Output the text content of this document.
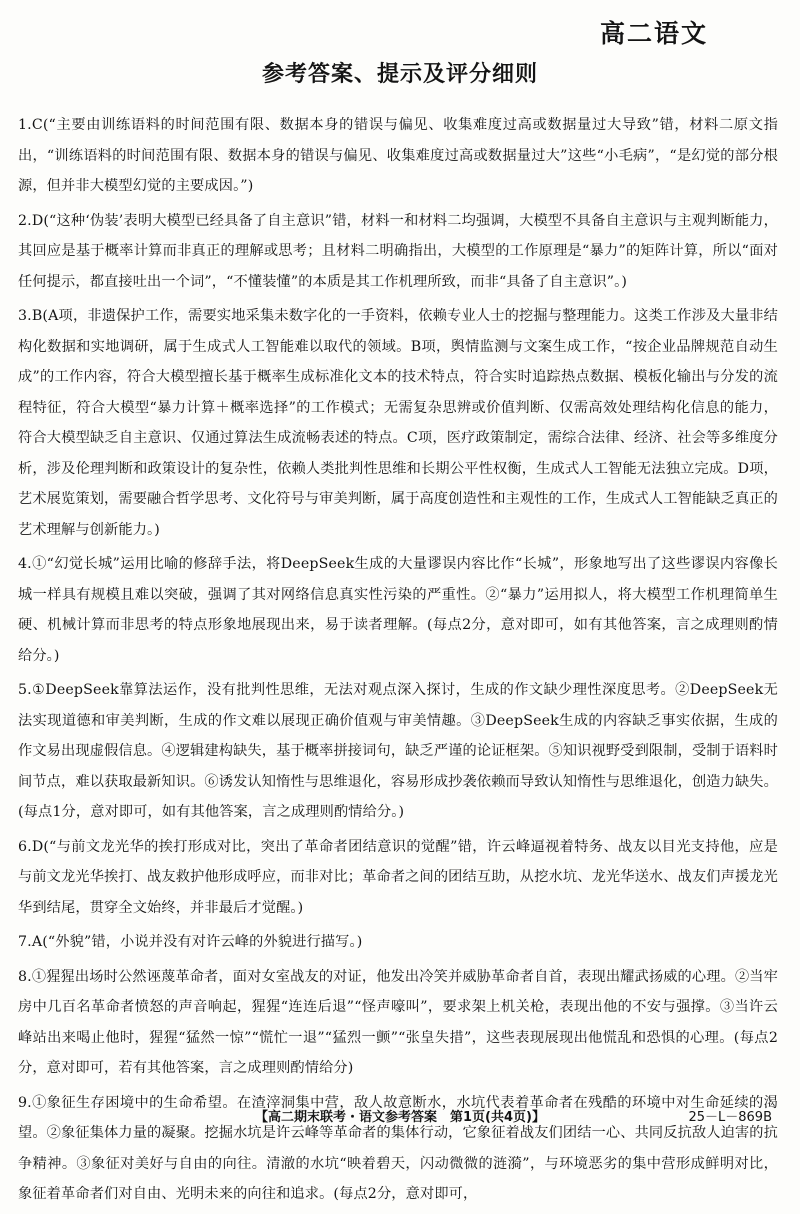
高二语文
参考答案、提示及评分细则

1.C(“主要由训练语料的时间范围有限、数据本身的错误与偏见、收集难度过高或数据量过大导致”错，材料二原文指出，“训练语料的时间范围有限、数据本身的错误与偏见、收集难度过高或数据量过大”这些“小毛病”，“是幻觉的部分根源，但并非大模型幻觉的主要成因。”)

2.D(“这种‘伪装’表明大模型已经具备了自主意识”错，材料一和材料二均强调，大模型不具备自主意识与主观判断能力，其回应是基于概率计算而非真正的理解或思考；且材料二明确指出，大模型的工作原理是“暴力”的矩阵计算，所以“面对任何提示，都直接吐出一个词”，“不懂装懂”的本质是其工作机理所致，而非“具备了自主意识”。)

3.B(A项，非遗保护工作，需要实地采集未数字化的一手资料，依赖专业人士的挖掘与整理能力。这类工作涉及大量非结构化数据和实地调研，属于生成式人工智能难以取代的领域。B项，舆情监测与文案生成工作，“按企业品牌规范自动生成”的工作内容，符合大模型擅长基于概率生成标准化文本的技术特点，符合实时追踪热点数据、模板化输出与分发的流程特征，符合大模型“暴力计算＋概率选择”的工作模式；无需复杂思辨或价值判断、仅需高效处理结构化信息的能力，符合大模型缺乏自主意识、仅通过算法生成流畅表述的特点。C项，医疗政策制定，需综合法律、经济、社会等多维度分析，涉及伦理判断和政策设计的复杂性，依赖人类批判性思维和长期公平性权衡，生成式人工智能无法独立完成。D项，艺术展览策划，需要融合哲学思考、文化符号与审美判断，属于高度创造性和主观性的工作，生成式人工智能缺乏真正的艺术理解与创新能力。)

4.①“幻觉长城”运用比喻的修辞手法，将DeepSeek生成的大量谬误内容比作“长城”，形象地写出了这些谬误内容像长城一样具有规模且难以突破，强调了其对网络信息真实性污染的严重性。②“暴力”运用拟人，将大模型工作机理简单生硬、机械计算而非思考的特点形象地展现出来，易于读者理解。(每点2分，意对即可，如有其他答案，言之成理则酌情给分。)

5.①DeepSeek靠算法运作，没有批判性思维，无法对观点深入探讨，生成的作文缺少理性深度思考。②DeepSeek无法实现道德和审美判断，生成的作文难以展现正确价值观与审美情趣。③DeepSeek生成的内容缺乏事实依据，生成的作文易出现虚假信息。④逻辑建构缺失，基于概率拼接词句，缺乏严谨的论证框架。⑤知识视野受到限制，受制于语料时间节点，难以获取最新知识。⑥诱发认知惰性与思维退化，容易形成抄袭依赖而导致认知惰性与思维退化，创造力缺失。(每点1分，意对即可，如有其他答案，言之成理则酌情给分。)

6.D(“与前文龙光华的挨打形成对比，突出了革命者团结意识的觉醒”错，许云峰逼视着特务、战友以目光支持他，应是与前文龙光华挨打、战友救护他形成呼应，而非对比；革命者之间的团结互助，从挖水坑、龙光华送水、战友们声援龙光华到结尾，贯穿全文始终，并非最后才觉醒。)

7.A(“外貌”错，小说并没有对许云峰的外貌进行描写。)

8.①猩猩出场时公然诬蔑革命者，面对女室战友的对证，他发出冷笑并威胁革命者自首，表现出耀武扬威的心理。②当牢房中几百名革命者愤怒的声音响起，猩猩“连连后退”“怪声嚎叫”，要求架上机关枪，表现出他的不安与强撑。③当许云峰站出来喝止他时，猩猩“猛然一惊”“慌忙一退”“猛烈一颤”“张皇失措”，这些表现展现出他慌乱和恐惧的心理。(每点2分，意对即可，若有其他答案，言之成理则酌情给分)

9.①象征生存困境中的生命希望。在渣滓洞集中营，敌人故意断水，水坑代表着革命者在残酷的环境中对生命延续的渴望。②象征集体力量的凝聚。挖掘水坑是许云峰等革命者的集体行动，它象征着战友们团结一心、共同反抗敌人迫害的抗争精神。③象征对美好与自由的向往。清澈的水坑“映着碧天，闪动微微的涟漪”，与环境恶劣的集中营形成鲜明对比，象征着革命者们对自由、光明未来的向往和追求。(每点2分，意对即可，

【高二期末联考・语文参考答案　第1页(共4页)】	25－L－869B
